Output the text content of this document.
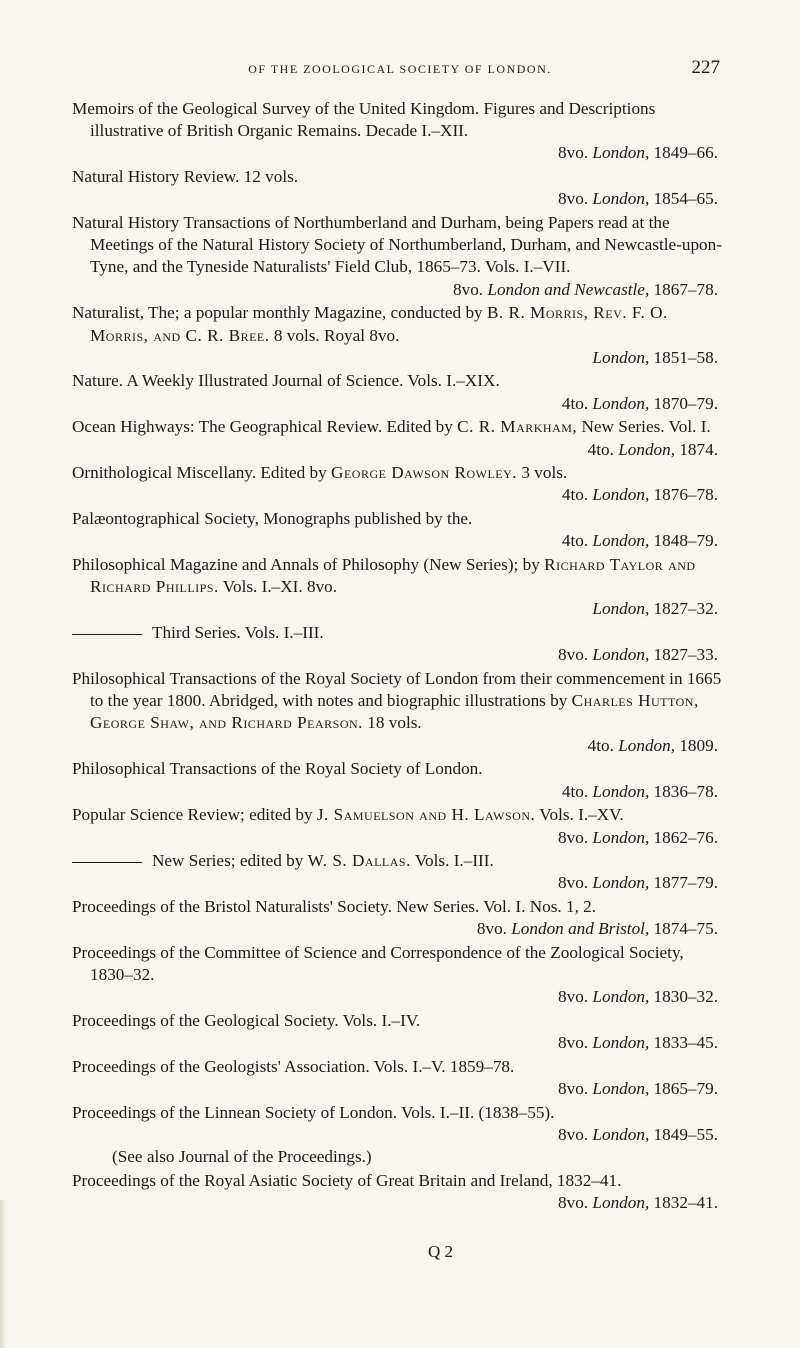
OF THE ZOOLOGICAL SOCIETY OF LONDON.	227
Memoirs of the Geological Survey of the United Kingdom. Figures and Descriptions illustrative of British Organic Remains. Decade I.–XII.
8vo. London, 1849–66.
Natural History Review. 12 vols.
8vo. London, 1854–65.
Natural History Transactions of Northumberland and Durham, being Papers read at the Meetings of the Natural History Society of Northumberland, Durham, and Newcastle-upon-Tyne, and the Tyneside Naturalists' Field Club, 1865–73. Vols. I.–VII.
8vo. London and Newcastle, 1867–78.
Naturalist, The; a popular monthly Magazine, conducted by B. R. Morris, Rev. F. O. Morris, and C. R. Bree. 8 vols. Royal 8vo.
London, 1851–58.
Nature. A Weekly Illustrated Journal of Science. Vols. I.–XIX.
4to. London, 1870–79.
Ocean Highways: The Geographical Review. Edited by C. R. Markham, New Series. Vol. I.
4to. London, 1874.
Ornithological Miscellany. Edited by George Dawson Rowley. 3 vols.
4to. London, 1876–78.
Palæontographical Society, Monographs published by the.
4to. London, 1848–79.
Philosophical Magazine and Annals of Philosophy (New Series); by Richard Taylor and Richard Phillips. Vols. I.–XI. 8vo.
London, 1827–32.
Third Series. Vols. I.–III.
8vo. London, 1827–33.
Philosophical Transactions of the Royal Society of London from their commencement in 1665 to the year 1800. Abridged, with notes and biographic illustrations by Charles Hutton, George Shaw, and Richard Pearson. 18 vols.
4to. London, 1809.
Philosophical Transactions of the Royal Society of London.
4to. London, 1836–78.
Popular Science Review; edited by J. Samuelson and H. Lawson. Vols. I.–XV.
8vo. London, 1862–76.
New Series; edited by W. S. Dallas. Vols. I.–III.
8vo. London, 1877–79.
Proceedings of the Bristol Naturalists' Society. New Series. Vol. I. Nos. 1, 2.
8vo. London and Bristol, 1874–75.
Proceedings of the Committee of Science and Correspondence of the Zoological Society, 1830–32.
8vo. London, 1830–32.
Proceedings of the Geological Society. Vols. I.–IV.
8vo. London, 1833–45.
Proceedings of the Geologists' Association. Vols. I.–V. 1859–78.
8vo. London, 1865–79.
Proceedings of the Linnean Society of London. Vols. I.–II. (1838–55).
8vo. London, 1849–55.
(See also Journal of the Proceedings.)
Proceedings of the Royal Asiatic Society of Great Britain and Ireland, 1832–41.
8vo. London, 1832–41.
Q 2
